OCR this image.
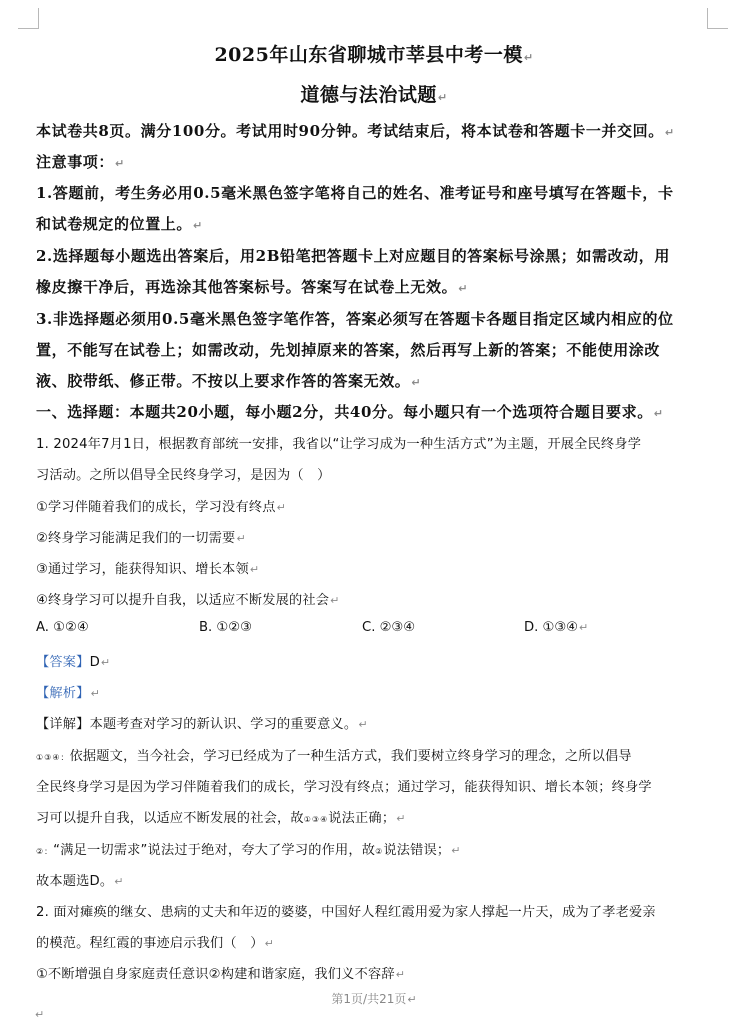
2025年山东省聊城市莘县中考一模↵
道德与法治试题↵
本试卷共8页。满分100分。考试用时90分钟。考试结束后，将本试卷和答题卡一并交回。↵
注意事项：↵
1.答题前，考生务必用0.5毫米黑色签字笔将自己的姓名、准考证号和座号填写在答题卡，卡
和试卷规定的位置上。↵
2.选择题每小题选出答案后，用2B铅笔把答题卡上对应题目的答案标号涂黑；如需改动，用
橡皮擦干净后，再选涂其他答案标号。答案写在试卷上无效。↵
3.非选择题必须用0.5毫米黑色签字笔作答，答案必须写在答题卡各题目指定区域内相应的位
置，不能写在试卷上；如需改动，先划掉原来的答案，然后再写上新的答案；不能使用涂改
液、胶带纸、修正带。不按以上要求作答的答案无效。↵
一、选择题：本题共20小题，每小题2分，共40分。每小题只有一个选项符合题目要求。↵
1. 2024年7月1日，根据教育部统一安排，我省以“让学习成为一种生活方式”为主题，开展全民终身学
习活动。之所以倡导全民终身学习，是因为（　）
①学习伴随着我们的成长，学习没有终点↵
②终身学习能满足我们的一切需要↵
③通过学习，能获得知识、增长本领↵
④终身学习可以提升自我，以适应不断发展的社会↵
A. ①②④	B. ①②③	C. ②③④	D. ①③④↵
【答案】D↵
【解析】↵
【详解】本题考查对学习的新认识、学习的重要意义。↵
①③④：依据题文，当今社会，学习已经成为了一种生活方式，我们要树立终身学习的理念，之所以倡导
全民终身学习是因为学习伴随着我们的成长，学习没有终点；通过学习，能获得知识、增长本领；终身学
习可以提升自我，以适应不断发展的社会，故①③④说法正确；↵
②：“满足一切需求”说法过于绝对，夸大了学习的作用，故②说法错误；↵
故本题选D。↵
2. 面对瘫痪的继女、患病的丈夫和年迈的婆婆，中国好人程红霞用爱为家人撑起一片天，成为了孝老爱亲
的模范。程红霞的事迹启示我们（　）↵
①不断增强自身家庭责任意识②构建和谐家庭，我们义不容辞↵
第1页/共21页↵
↵
